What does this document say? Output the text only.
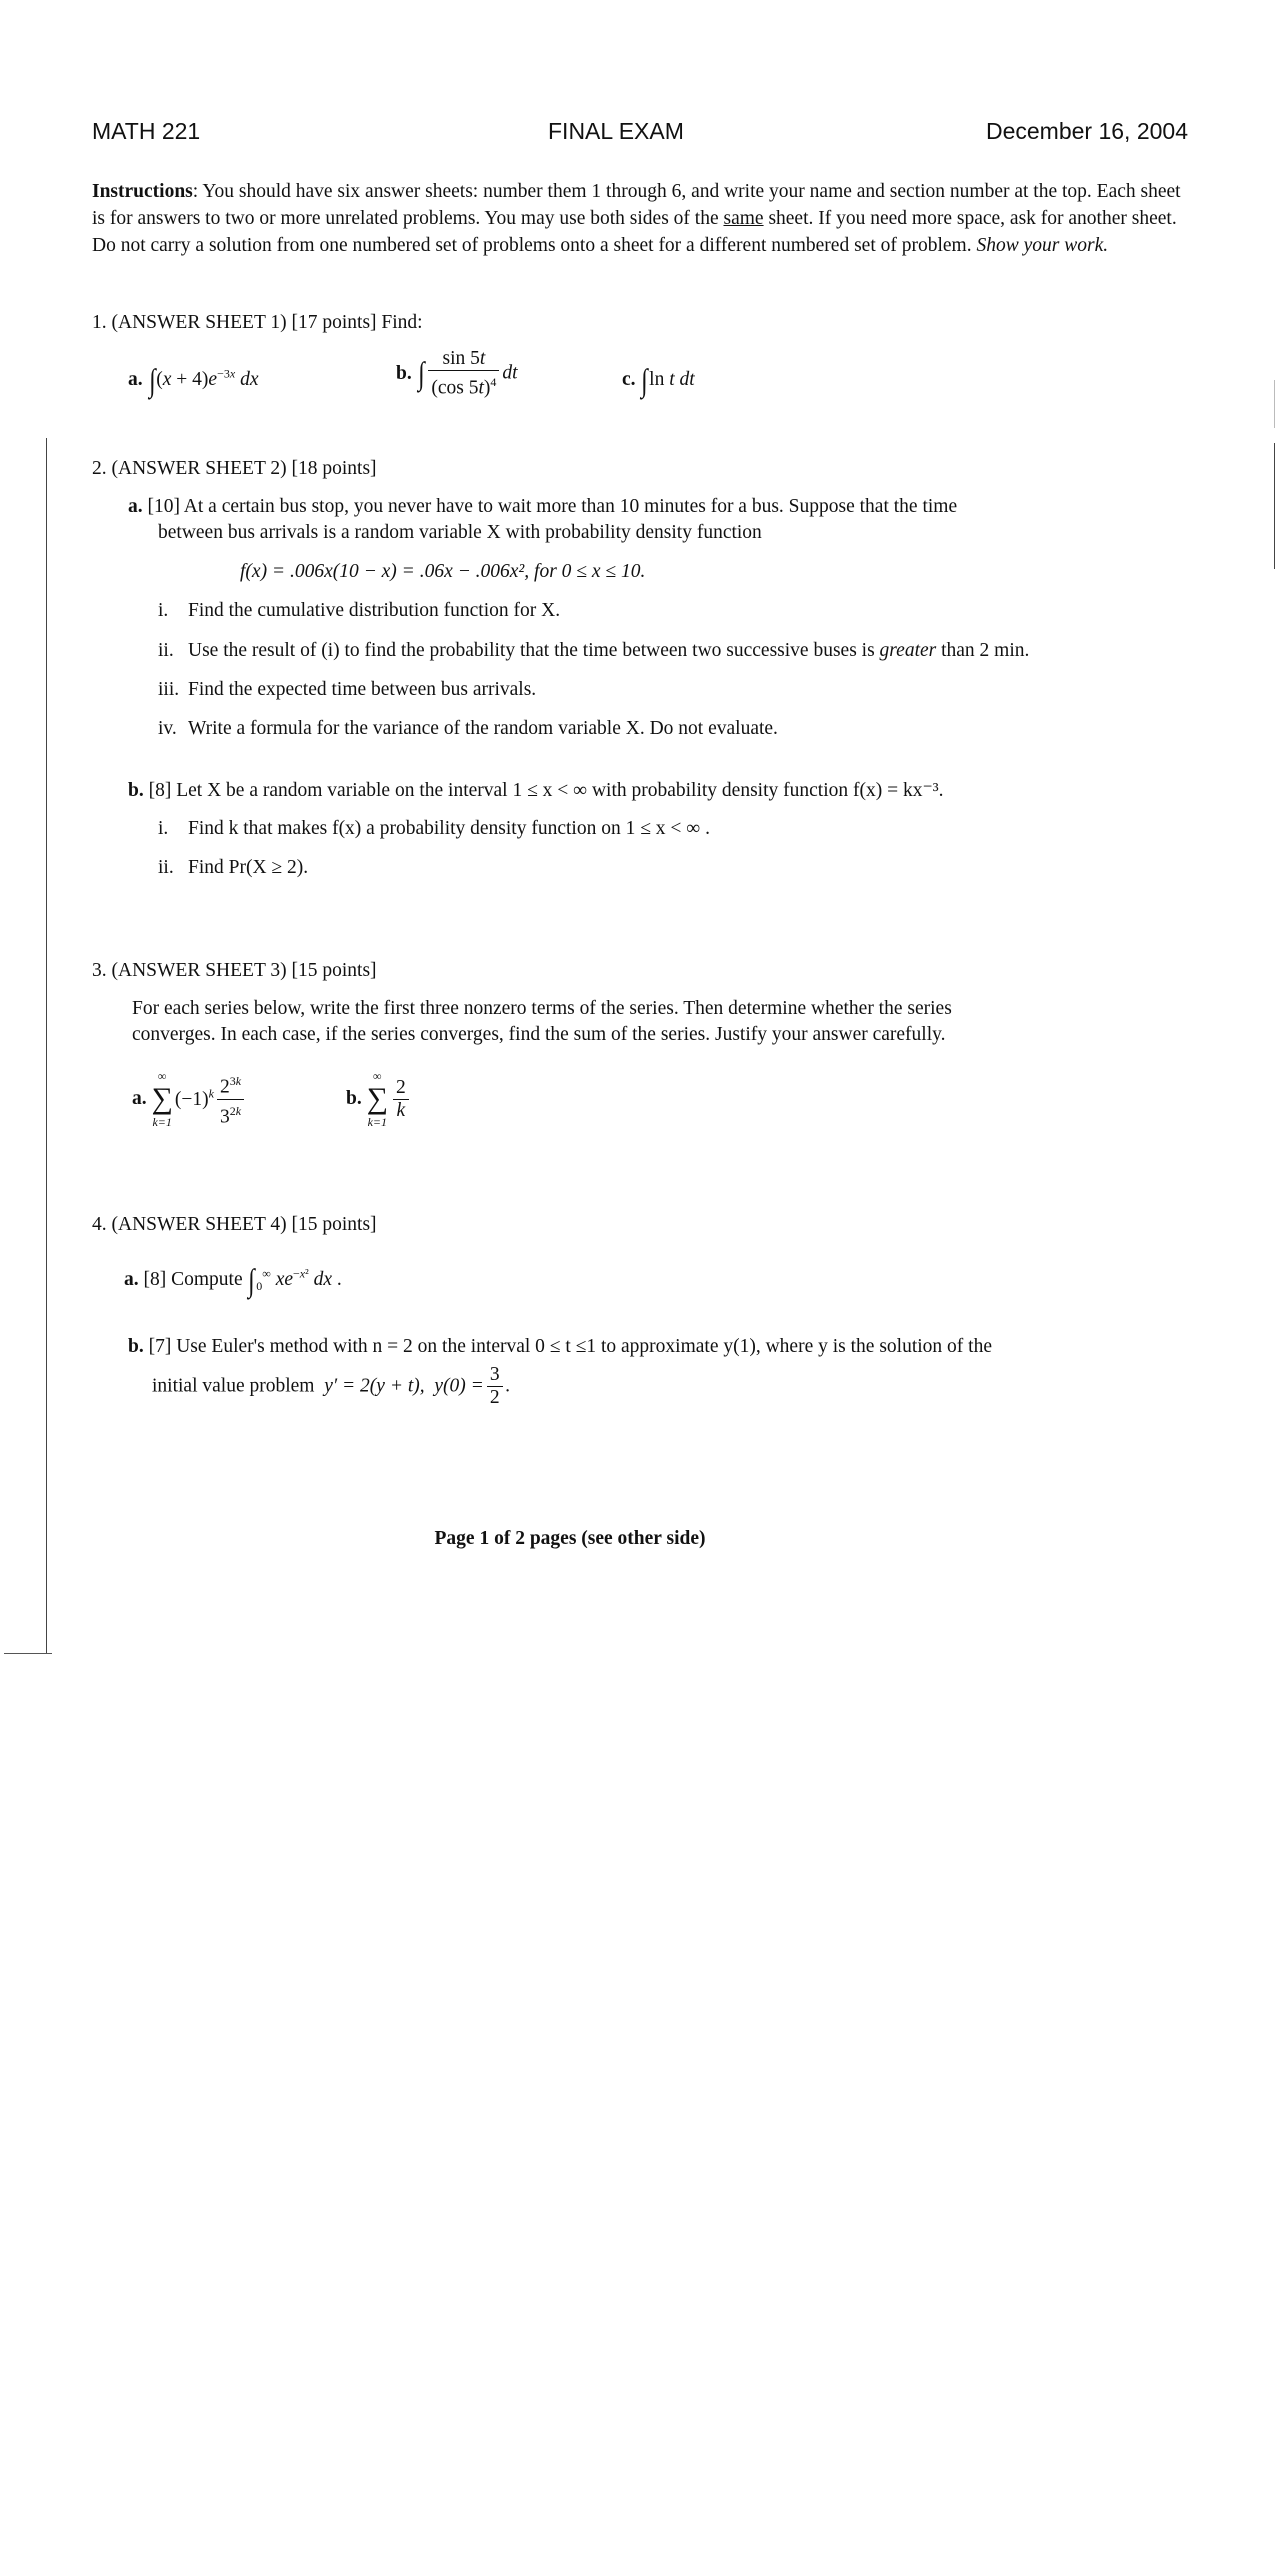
MATH 221	FINAL EXAM	December 16, 2004
Instructions: You should have six answer sheets: number them 1 through 6, and write your name and section number at the top. Each sheet is for answers to two or more unrelated problems. You may use both sides of the same sheet. If you need more space, ask for another sheet. Do not carry a solution from one numbered set of problems onto a sheet for a different numbered set of problem. Show your work.
1. (ANSWER SHEET 1) [17 points] Find:
a. $\int(x + 4)e^{-3x}$ dx	b. ∫ $\frac{\sin 5t}{(\cos 5t)^4}$ dt	c. ∫ln t dt
2. (ANSWER SHEET 2) [18 points]
a. [10] At a certain bus stop, you never have to wait more than 10 minutes for a bus. Suppose that the time
between bus arrivals is a random variable X with probability density function
f(x) = .006x(10 − x) = .06x − .006x², for 0 ≤ x ≤ 10.
i. Find the cumulative distribution function for X.
ii. Use the result of (i) to find the probability that the time between two successive buses is greater than 2 min.
iii. Find the expected time between bus arrivals.
iv. Write a formula for the variance of the random variable X. Do not evaluate.
b. [8] Let X be a random variable on the interval 1 ≤ x < ∞ with probability density function f(x) = kx⁻³.
i. Find k that makes f(x) a probability density function on 1 ≤ x < ∞ .
ii. Find Pr(X ≥ 2).
3. (ANSWER SHEET 3) [15 points]
For each series below, write the first three nonzero terms of the series. Then determine whether the series
converges. In each case, if the series converges, find the sum of the series. Justify your answer carefully.
a.
∞
∑
k=1
$(-1)^k \frac{2^{3k}}{3^{2k}}$	b.
∞
∑
k=1
$\frac{2}{k}$
4. (ANSWER SHEET 4) [15 points]
a. [8] Compute $\int_0^\infty$ $xe^{-x^2}$ dx .
b. [7] Use Euler's method with n = 2 on the interval 0 ≤ t ≤1 to approximate y(1), where y is the solution of the
initial value problem  y′ = 2(y + t),  $y(0) = \frac{3}{2}$ .
Page 1 of 2 pages (see other side)
